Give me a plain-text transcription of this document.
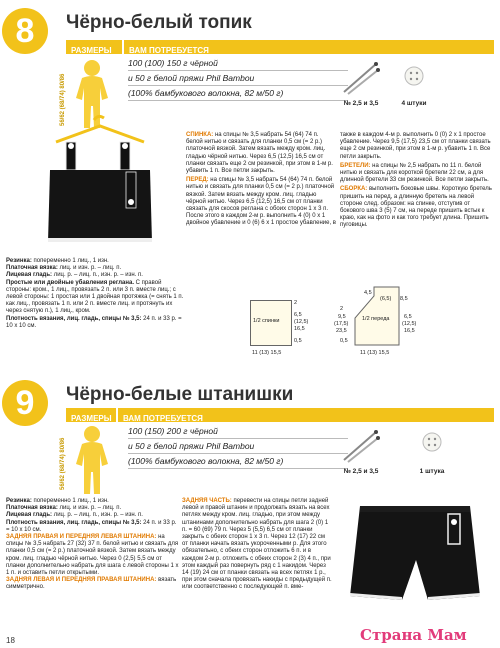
8	Чёрно-белый топик
РАЗМЕРЫ	ВАМ ПОТРЕБУЕТСЯ
56/62 (68/74) 80/86
100 (100) 150 г чёрной
и 50 г белой пряжи Phil Bambou
(100% бамбукового волокна, 82 м/50 г)
№ 2,5 и 3,5	4 штуки
Резинка: попеременно 1 лиц., 1 изн.
Платочная вязка: лиц. и изн. р. – лиц. п.
Лицевая гладь: лиц. р. – лиц. п., изн. р. – изн. п.
Простые или двойные убавления реглана. С правой стороны: кром., 1 лиц., провязать 2 п. или 3 п. вместе лиц.; с левой стороны: 1 простая или 1 двойная протяжка (= снять 1 п. как лиц., провязать 1 п. или 2 п. вместе лиц. и протянуть их через снятую п.), 1 лиц., кром.
Плотность вязания, лиц. гладь, спицы № 3,5: 24 п. и 33 р. = 10 х 10 см.
СПИНКА: на спицы № 3,5 набрать 54 (64) 74 п. белой нитью и связать для планки 0,5 см (= 2 р.) платочной вязкой. Затем вязать между кром. лиц. гладью чёрной нитью. Через 6,5 (12,5) 16,5 см от планки связать еще 2 см резинкой, при этом в 1-м р. убавить 1 п. Все петли закрыть.
ПЕРЕД: на спицы № 3,5 набрать 54 (64) 74 п. белой нитью и связать для планки 0,5 см (= 2 р.) платочной вязкой. Затем вязать между кром. лиц. гладью чёрной нитью. Через 6,5 (12,5) 16,5 см от планки связать для скосов реглана с обоих сторон 1 х 3 п. После этого в каждом 2-м р. выполнить 4 (0) 0 х 1 двойное убавление и 0 (6) 6 х 1 простое убавление, в
также в каждом 4-м р. выполнить 0 (0) 2 х 1 простое убавление. Через 9,5 (17,5) 23,5 см от планки связать еще 2 см резинкой, при этом в 1-м р. убавить 1 п. Все петли закрыть.
БРЕТЕЛИ: на спицы № 2,5 набрать по 11 п. белой нитью и связать для короткой бретели 22 см, а для длинной бретели 33 см резинкой. Все петли закрыть.
СБОРКА: выполнить боковые швы. Короткую бретель пришить на перед, а длинную бретель на левой стороне след. образом: на спинке, отступив от бокового шва 3 (5) 7 см, на переде пришить встык к краю, как на фото и как того требует длина. Пришить пуговицы.
1/2 спинки
2
6,5
(12,5)
16,5
0,5
11 (13) 15,5
1/2 переда
4,5
(6,5) 8,5
2
9,5
(17,5)
23,5
0,5
6,5
(12,5)
16,5
11 (13) 15,5
9	Чёрно-белые штанишки
РАЗМЕРЫ	ВАМ ПОТРЕБУЕТСЯ
56/62 (68/74) 80/86
100 (150) 200 г чёрной
и 50 г белой пряжи Phil Bambou
(100% бамбукового волокна, 82 м/50 г)
№ 2,5 и 3,5	1 штука
Резинка: попеременно 1 лиц., 1 изн.
Платочная вязка: лиц. и изн. р. – лиц. п.
Лицевая гладь: лиц. р. – лиц. п., изн. р. – изн. п.
Плотность вязания, лиц. гладь, спицы № 3,5: 24 п. и 33 р. = 10 х 10 см.
ЗАДНЯЯ ПРАВАЯ И ПЕРЕДНЯЯ ЛЕВАЯ ШТАНИНА: на спицы № 3,5 набрать 27 (32) 37 п. белой нитью и связать для планки 0,5 см (= 2 р.) платочной вязкой. Затем вязать между кром. лиц. гладью чёрной нитью. Через 0 (2,5) 5,5 см от планки дополнительно набрать для шага с левой стороны 1 х 1 п. и оставить петли открытыми.
ЗАДНЯЯ ЛЕВАЯ И ПЕРЕДНЯЯ ПРАВАЯ ШТАНИНА: вязать симметрично.
ЗАДНЯЯ ЧАСТЬ: перевести на спицы петли задней левой и правой штанин и продолжать вязать на всех петлях между кром. лиц. гладью, при этом между штанинами дополнительно набрать для шага 2 (0) 1 п. = 60 (69) 79 п. Через 5 (5,5) 6,5 см от планки закрыть с обеих сторон 1 х 3 п. Через 12 (17) 22 см от планки начать вязать укороченными р. Для этого обязательно, с обеих сторон отложить 6 п. и в каждом 2-м р. отложить с обеих сторон 2 (3) 4 п., при этом каждый раз повернуть ряд с 1 накидом. Через 14 (19) 24 см от планки связать на всех петлях 1 р., при этом сначала провязать накиды с предыдущей п. или соответственно с последующей п. вме-
18	Страна Мам
